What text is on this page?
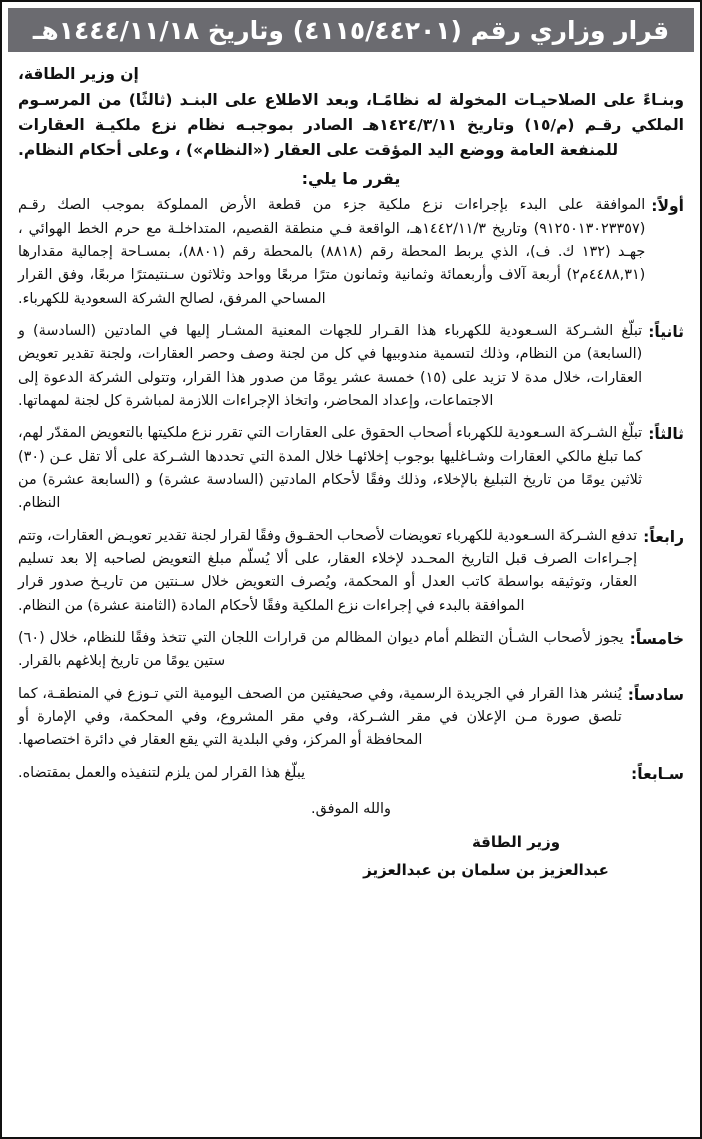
قرار وزاري رقم (٤١١٥/٤٤٢٠١) وتاريخ ١٤٤٤/١١/١٨هـ

إن وزير الطاقة،

وبنـاءً على الصلاحيـات المخولة له نظامًـا، وبعد الاطلاع على البنـد (ثالثًا) من المرسـوم الملكي رقـم (م/١٥) وتاريخ ١٤٢٤/٣/١١هـ الصادر بموجبـه نظام نزع ملكيـة العقارات للمنفعة العامة ووضع اليد المؤقت على العقار («النظام») ، وعلى أحكام النظام.

يقرر ما يلي:

أولاً:
الموافقة على البدء بإجراءات نزع ملكية جزء من قطعة الأرض المملوكة بموجب الصك رقـم (٩١٢٥٠١٣٠٢٣٣٥٧) وتاريخ ١٤٤٢/١١/٣هـ، الواقعة فـي منطقة القصيم، المتداخلـة مع حرم الخط الهوائي ، جهـد (١٣٢ ك. ف)، الذي يربط المحطة رقم (٨٨١٨) بالمحطة رقم (٨٨٠١)، بمسـاحة إجمالية مقدارها (٤٤٨٨,٣١م٢) أربعة آلاف وأربعمائة وثمانية وثمانون مترًا مربعًا وواحد وثلاثون سـنتيمترًا مربعًا، وفق القرار المساحي المرفق، لصالح الشركة السعودية للكهرباء.
ثانياً:
تبلّغ الشـركة السـعودية للكهرباء هذا القـرار للجهات المعنية المشـار إليها في المادتين (السادسة) و (السابعة) من النظام، وذلك لتسمية مندوبيها في كل من لجنة وصف وحصر العقارات، ولجنة تقدير تعويض العقارات، خلال مدة لا تزيد على (١٥) خمسة عشر يومًا من صدور هذا القرار، وتتولى الشركة الدعوة إلى الاجتماعات، وإعداد المحاضر، واتخاذ الإجراءات اللازمة لمباشرة كل لجنة لمهماتها.
ثالثاً:
تبلّغ الشـركة السـعودية للكهرباء أصحاب الحقوق على العقارات التي تقرر نزع ملكيتها بالتعويض المقدّر لهم، كما تبلغ مالكي العقارات وشـاغليها بوجوب إخلائهـا خلال المدة التي تحددها الشـركة على ألا تقل عـن (٣٠) ثلاثين يومًا من تاريخ التبليغ بالإخلاء، وذلك وفقًا لأحكام المادتين (السادسة عشرة) و (السابعة عشرة) من النظام.
رابعاً:
تدفع الشـركة السـعودية للكهرباء تعويضات لأصحاب الحقـوق وفقًا لقرار لجنة تقدير تعويـض العقارات، وتتم إجـراءات الصرف قبل التاريخ المحـدد لإخلاء العقار، على ألا يُسلّم مبلغ التعويض لصاحبه إلا بعد تسليم العقار، وتوثيقه بواسطة كاتب العدل أو المحكمة، ويُصرف التعويض خلال سـنتين من تاريـخ صدور قرار الموافقة بالبدء في إجراءات نزع الملكية وفقًا لأحكام المادة (الثامنة عشرة) من النظام.
خامساً:
يجوز لأصحاب الشـأن التظلم أمام ديوان المظالم من قرارات اللجان التي تتخذ وفقًا للنظام، خلال (٦٠) ستين يومًا من تاريخ إبلاغهم بالقرار.
سادساً:
يُنشر هذا القرار في الجريدة الرسمية، وفي صحيفتين من الصحف اليومية التي تـوزع في المنطقـة، كما تلصق صورة مـن الإعلان في مقر الشـركة، وفي مقر المشروع، وفي المحكمة، وفي الإمارة أو المحافظة أو المركز، وفي البلدية التي يقع العقار في دائرة اختصاصها.
سـابعاً:
يبلّغ هذا القرار لمن يلزم لتنفيذه والعمل بمقتضاه.

والله الموفق.

وزير الطاقة

عبدالعزيز بن سلمان بن عبدالعزيز
